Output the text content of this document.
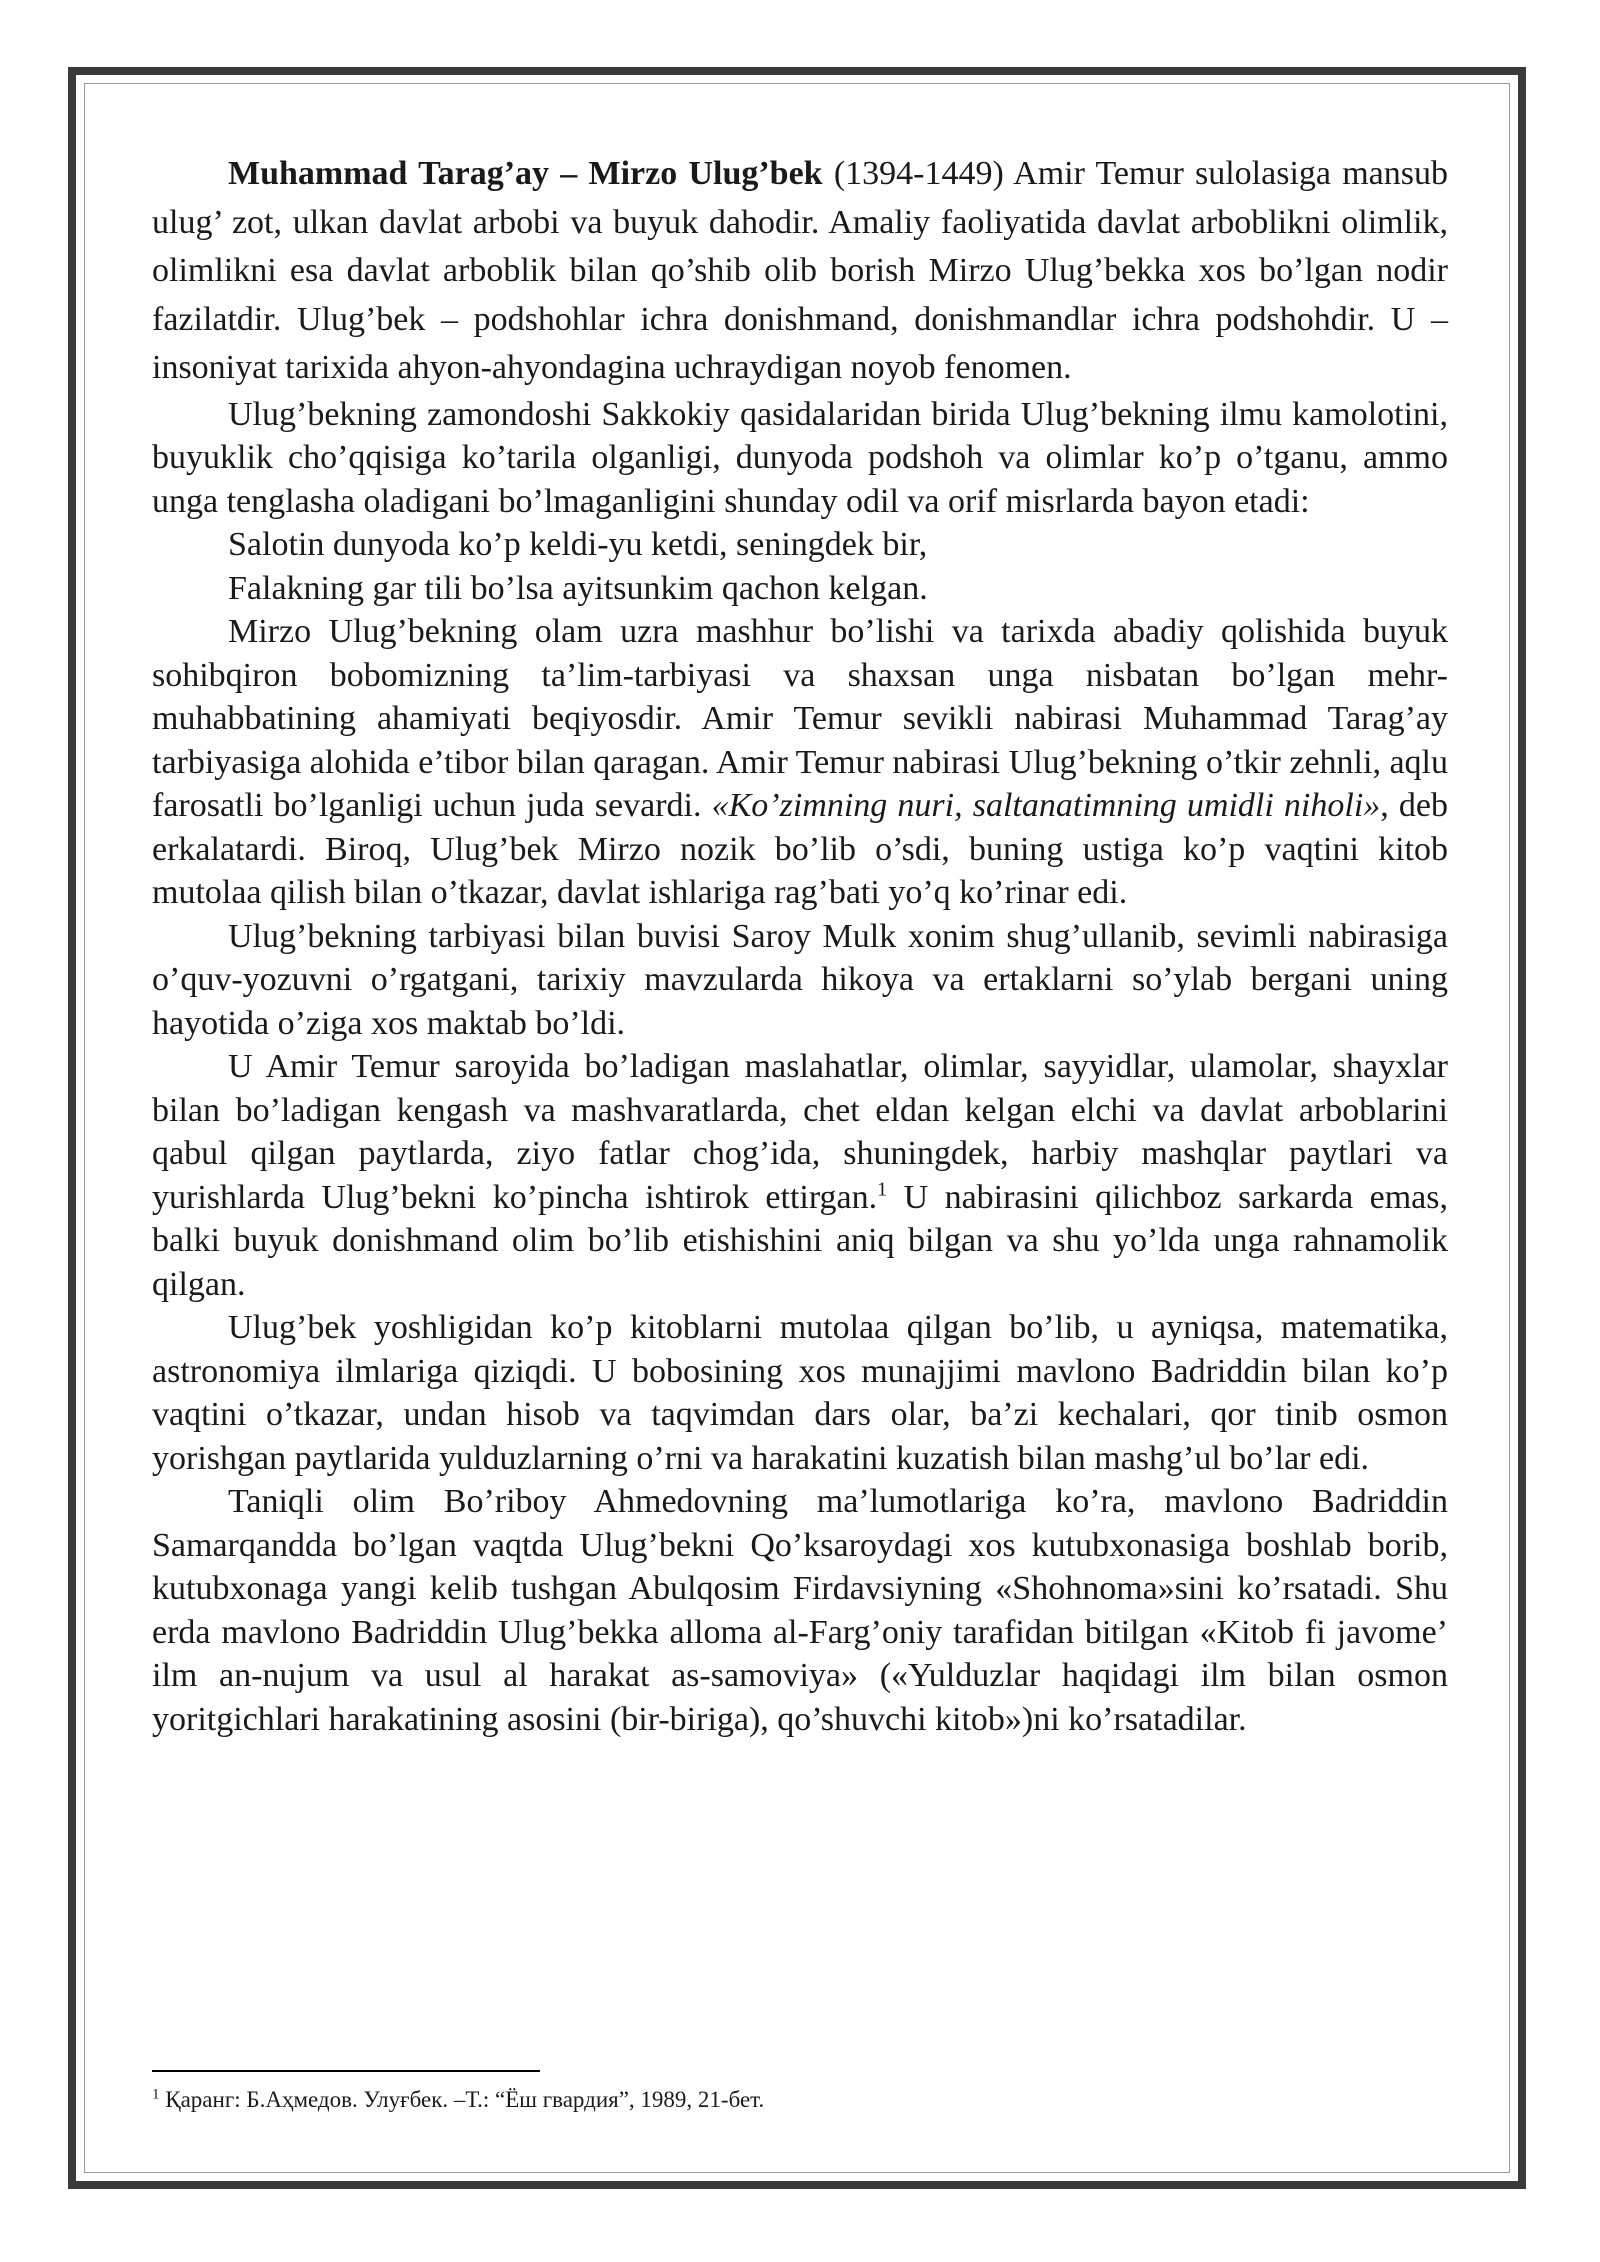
Muhammad Tarag’ay – Mirzo Ulug’bek (1394-1449) Amir Temur sulolasiga mansub ulug’ zot, ulkan davlat arbobi va buyuk dahodir. Amaliy faoliyatida davlat arboblikni olimlik, olimlikni esa davlat arboblik bilan qo’shib olib borish Mirzo Ulug’bekka xos bo’lgan nodir fazilatdir. Ulug’bek – podshohlar ichra donishmand, donishmandlar ichra podshohdir. U – insoniyat tarixida ahyon-ahyondagina uchraydigan noyob fenomen.

Ulug’bekning zamondoshi Sakkokiy qasidalaridan birida Ulug’bekning ilmu kamolotini, buyuklik cho’qqisiga ko’tarila olganligi, dunyoda podshoh va olimlar ko’p o’tganu, ammo unga tenglasha oladigani bo’lmaganligini shunday odil va orif misrlarda bayon etadi:

Salotin dunyoda ko’p keldi-yu ketdi, seningdek bir,

Falakning gar tili bo’lsa ayitsunkim qachon kelgan.

Mirzo Ulug’bekning olam uzra mashhur bo’lishi va tarixda abadiy qolishida buyuk sohibqiron bobomizning ta’lim-tarbiyasi va shaxsan unga nisbatan bo’lgan mehr-muhabbatining ahamiyati beqiyosdir. Amir Temur sevikli nabirasi Muhammad Tarag’ay tarbiyasiga alohida e’tibor bilan qaragan. Amir Temur nabirasi Ulug’bekning o’tkir zehnli, aqlu farosatli bo’lganligi uchun juda sevardi. «Ko’zimning nuri, saltanatimning umidli niholi», deb erkalatardi. Biroq, Ulug’bek Mirzo nozik bo’lib o’sdi, buning ustiga ko’p vaqtini kitob mutolaa qilish bilan o’tkazar, davlat ishlariga rag’bati yo’q ko’rinar edi.

Ulug’bekning tarbiyasi bilan buvisi Saroy Mulk xonim shug’ullanib, sevimli nabirasiga o’quv-yozuvni o’rgatgani, tarixiy mavzularda hikoya va ertaklarni so’ylab bergani uning hayotida o’ziga xos maktab bo’ldi.

U Amir Temur saroyida bo’ladigan maslahatlar, olimlar, sayyidlar, ulamolar, shayxlar bilan bo’ladigan kengash va mashvaratlarda, chet eldan kelgan elchi va davlat arboblarini qabul qilgan paytlarda, ziyo fatlar chog’ida, shuningdek, harbiy mashqlar paytlari va yurishlarda Ulug’bekni ko’pincha ishtirok ettirgan.$^1$ U nabirasini qilichboz sarkarda emas, balki buyuk donishmand olim bo’lib etishishini aniq bilgan va shu yo’lda unga rahnamolik qilgan.

Ulug’bek yoshligidan ko’p kitoblarni mutolaa qilgan bo’lib, u ayniqsa, matematika, astronomiya ilmlariga qiziqdi. U bobosining xos munajjimi mavlono Badriddin bilan ko’p vaqtini o’tkazar, undan hisob va taqvimdan dars olar, ba’zi kechalari, qor tinib osmon yorishgan paytlarida yulduzlarning o’rni va harakatini kuzatish bilan mashg’ul bo’lar edi.

Taniqli olim Bo’riboy Ahmedovning ma’lumotlariga ko’ra, mavlono Badriddin Samarqandda bo’lgan vaqtda Ulug’bekni Qo’ksaroydagi xos kutubxonasiga boshlab borib, kutubxonaga yangi kelib tushgan Abulqosim Firdavsiyning «Shohnoma»sini ko’rsatadi. Shu erda mavlono Badriddin Ulug’bekka alloma al-Farg’oniy tarafidan bitilgan «Kitob fi javome’ ilm an-nujum va usul al harakat as-samoviya» («Yulduzlar haqidagi ilm bilan osmon yoritgichlari harakatining asosini (bir-biriga), qo’shuvchi kitob»)ni ko’rsatadilar.

$^1$ Қаранг: Б.Аҳмедов. Улуғбек. –Т.: “Ёш гвардия”, 1989, 21-бет.
